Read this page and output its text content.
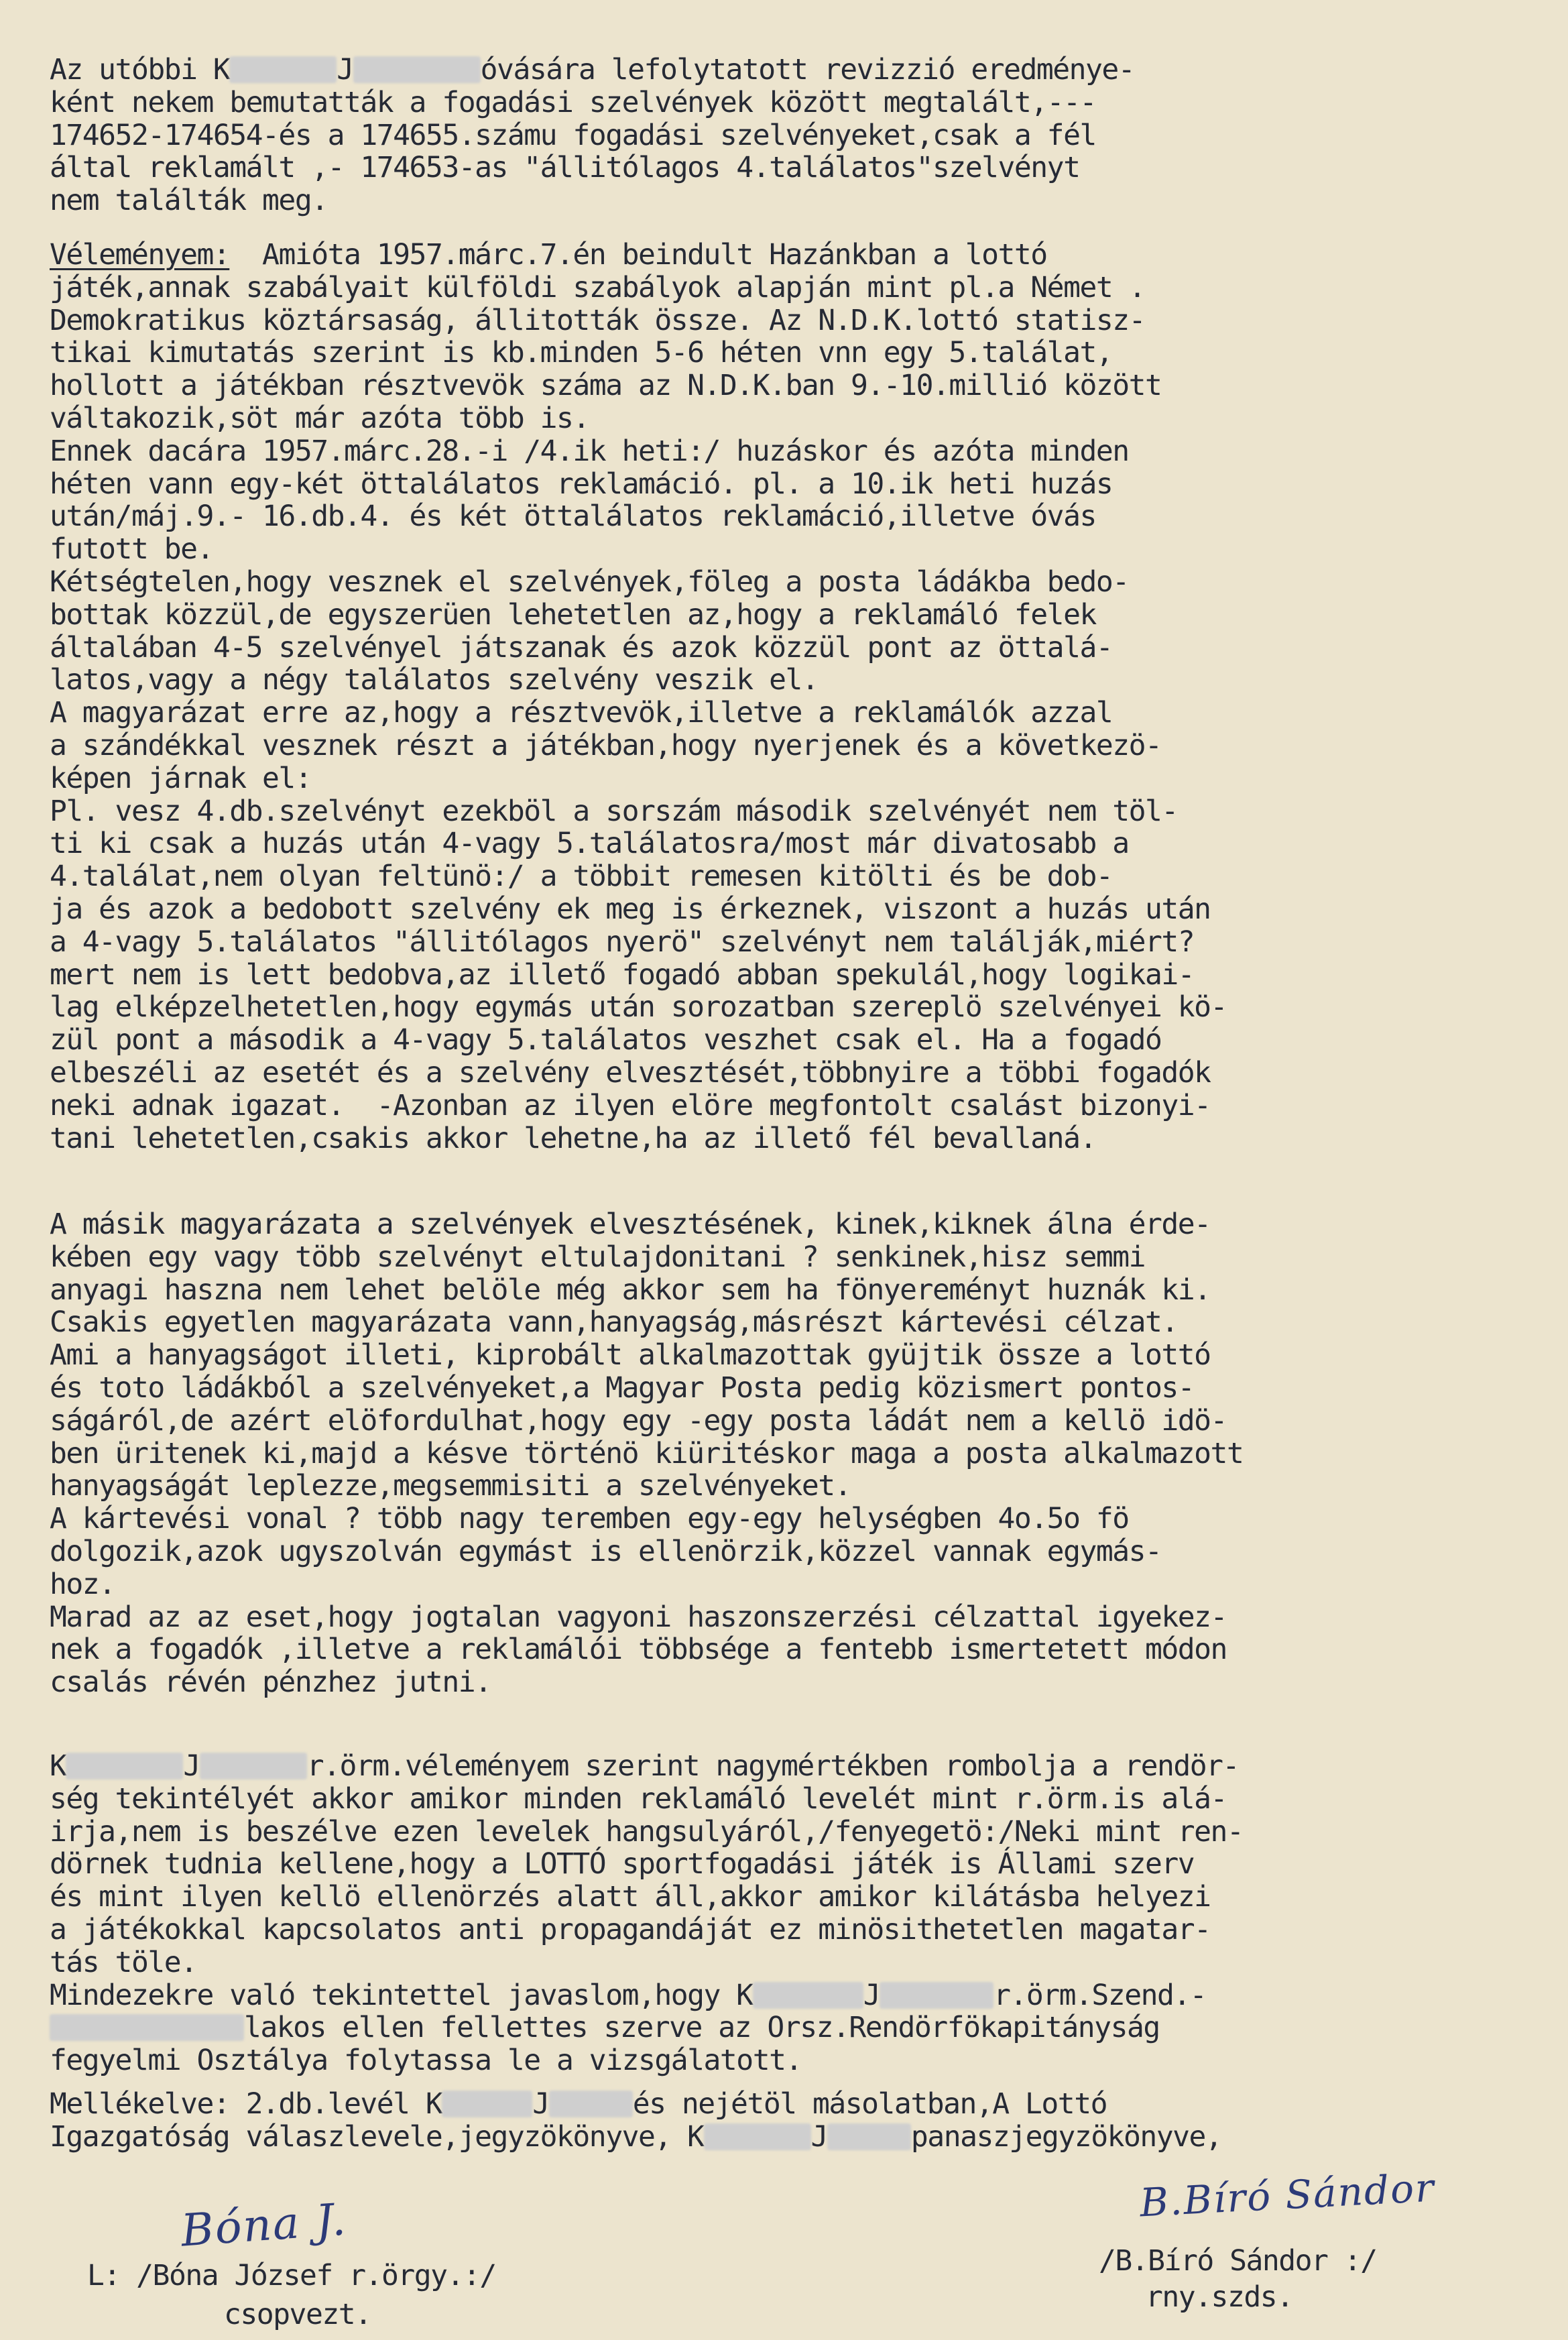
Az utóbbi K	J	óvására lefolytatott revizzió eredménye-
ként nekem bemutatták a fogadási szelvények között megtalált,---
174652-174654-és a 174655.számu fogadási szelvényeket,csak a fél
által reklamált ,- 174653-as "állitólagos 4.találatos"szelvényt
nem találták meg.
Véleményem:  Amióta 1957.márc.7.én beindult Hazánkban a lottó
játék,annak szabályait külföldi szabályok alapján mint pl.a Német .
Demokratikus köztársaság, állitották össze. Az N.D.K.lottó statisz-
tikai kimutatás szerint is kb.minden 5-6 héten vnn egy 5.találat,
hollott a játékban résztvevök száma az N.D.K.ban 9.-10.millió között
váltakozik,söt már azóta több is.
Ennek dacára 1957.márc.28.-i /4.ik heti:/ huzáskor és azóta minden
héten vann egy-két öttalálatos reklamáció. pl. a 10.ik heti huzás
után/máj.9.- 16.db.4. és két öttalálatos reklamáció,illetve óvás
futott be.
Kétségtelen,hogy vesznek el szelvények,föleg a posta ládákba bedo-
bottak közzül,de egyszerüen lehetetlen az,hogy a reklamáló felek
általában 4-5 szelvényel játszanak és azok közzül pont az öttalá-
latos,vagy a négy találatos szelvény veszik el.
A magyarázat erre az,hogy a résztvevök,illetve a reklamálók azzal
a szándékkal vesznek részt a játékban,hogy nyerjenek és a következö-
képen járnak el:
Pl. vesz 4.db.szelvényt ezekböl a sorszám második szelvényét nem töl-
ti ki csak a huzás után 4-vagy 5.találatosra/most már divatosabb a
4.találat,nem olyan feltünö:/ a többit remesen kitölti és be dob-
ja és azok a bedobott szelvény ek meg is érkeznek, viszont a huzás után
a 4-vagy 5.találatos "állitólagos nyerö" szelvényt nem találják,miért?
mert nem is lett bedobva,az illető fogadó abban spekulál,hogy logikai-
lag elképzelhetetlen,hogy egymás után sorozatban szereplö szelvényei kö-
zül pont a második a 4-vagy 5.találatos veszhet csak el. Ha a fogadó
elbeszéli az esetét és a szelvény elvesztését,többnyire a többi fogadók
neki adnak igazat.  -Azonban az ilyen elöre megfontolt csalást bizonyi-
tani lehetetlen,csakis akkor lehetne,ha az illető fél bevallaná.
A másik magyarázata a szelvények elvesztésének, kinek,kiknek álna érde-
kében egy vagy több szelvényt eltulajdonitani ? senkinek,hisz semmi
anyagi haszna nem lehet belöle még akkor sem ha fönyereményt huznák ki.
Csakis egyetlen magyarázata vann,hanyagság,másrészt kártevési célzat.
Ami a hanyagságot illeti, kiprobált alkalmazottak gyüjtik össze a lottó
és toto ládákból a szelvényeket,a Magyar Posta pedig közismert pontos-
ságáról,de azért elöfordulhat,hogy egy -egy posta ládát nem a kellö idö-
ben üritenek ki,majd a késve történö kiüritéskor maga a posta alkalmazott
hanyagságát leplezze,megsemmisiti a szelvényeket.
A kártevési vonal ? több nagy teremben egy-egy helységben 4o.5o fö
dolgozik,azok ugyszolván egymást is ellenörzik,közzel vannak egymás-
hoz.
Marad az az eset,hogy jogtalan vagyoni haszonszerzési célzattal igyekez-
nek a fogadók ,illetve a reklamálói többsége a fentebb ismertetett módon
csalás révén pénzhez jutni.
K	J	r.örm.véleményem szerint nagymértékben rombolja a rendör-
ség tekintélyét akkor amikor minden reklamáló levelét mint r.örm.is alá-
irja,nem is beszélve ezen levelek hangsulyáról,/fenyegetö:/Neki mint ren-
dörnek tudnia kellene,hogy a LOTTÓ sportfogadási játék is Állami szerv
és mint ilyen kellö ellenörzés alatt áll,akkor amikor kilátásba helyezi
a játékokkal kapcsolatos anti propagandáját ez minösithetetlen magatar-
tás töle.
Mindezekre való tekintettel javaslom,hogy K	J	r.örm.Szend.-
lakos ellen fellettes szerve az Orsz.Rendörfökapitányság
fegyelmi Osztálya folytassa le a vizsgálatott.
Mellékelve: 2.db.levél K	J	és nejétöl másolatban,A Lottó
Igazgatóság válaszlevele,jegyzökönyve, K	J	panaszjegyzökönyve,
Bóna J.	B.Bíró Sándor
/B.Bíró Sándor :/
rny.szds.
L: /Bóna József r.örgy.:/
csopvezt.
